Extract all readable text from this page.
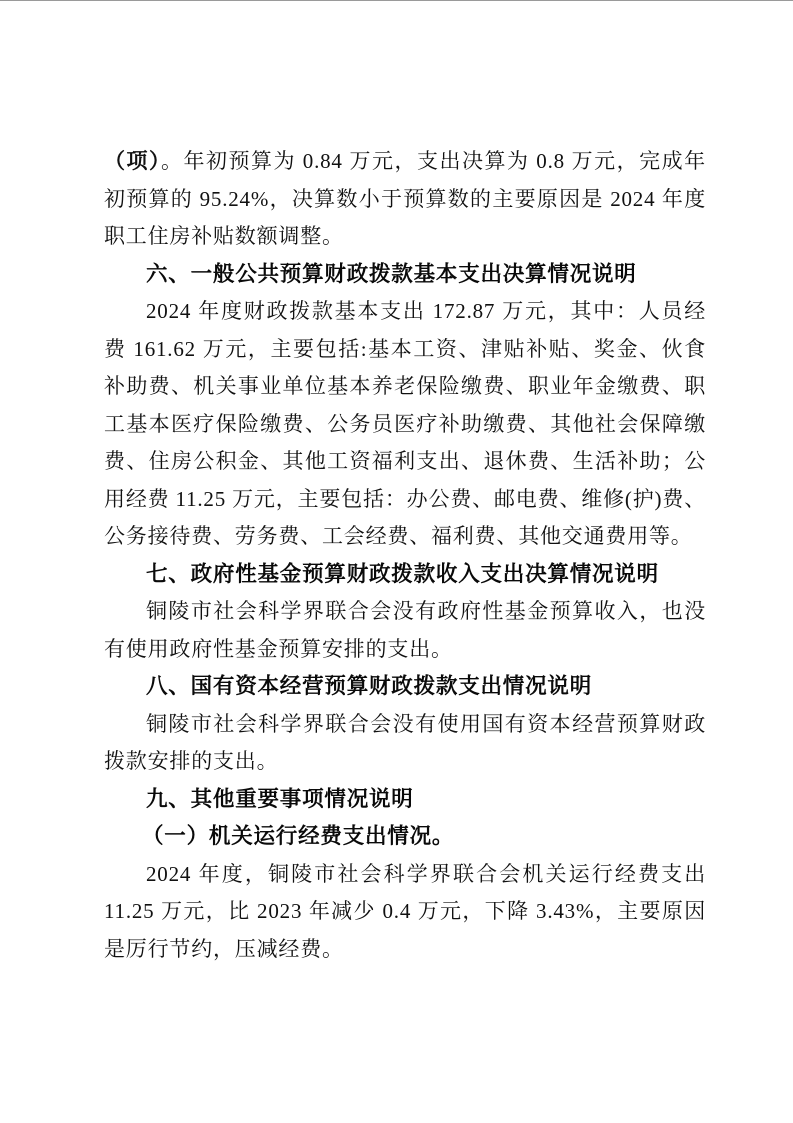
（项）。年初预算为 0.84 万元，支出决算为 0.8 万元，完成年初预算的 95.24%，决算数小于预算数的主要原因是 2024 年度职工住房补贴数额调整。

六、一般公共预算财政拨款基本支出决算情况说明

2024 年度财政拨款基本支出 172.87 万元，其中：人员经费 161.62 万元，主要包括:基本工资、津贴补贴、奖金、伙食补助费、机关事业单位基本养老保险缴费、职业年金缴费、职工基本医疗保险缴费、公务员医疗补助缴费、其他社会保障缴费、住房公积金、其他工资福利支出、退休费、生活补助；公用经费 11.25 万元，主要包括：办公费、邮电费、维修(护)费、公务接待费、劳务费、工会经费、福利费、其他交通费用等。

七、政府性基金预算财政拨款收入支出决算情况说明

铜陵市社会科学界联合会没有政府性基金预算收入，也没有使用政府性基金预算安排的支出。

八、国有资本经营预算财政拨款支出情况说明

铜陵市社会科学界联合会没有使用国有资本经营预算财政拨款安排的支出。

九、其他重要事项情况说明

（一）机关运行经费支出情况。

2024 年度，铜陵市社会科学界联合会机关运行经费支出 11.25 万元，比 2023 年减少 0.4 万元，下降 3.43%，主要原因是厉行节约，压减经费。
